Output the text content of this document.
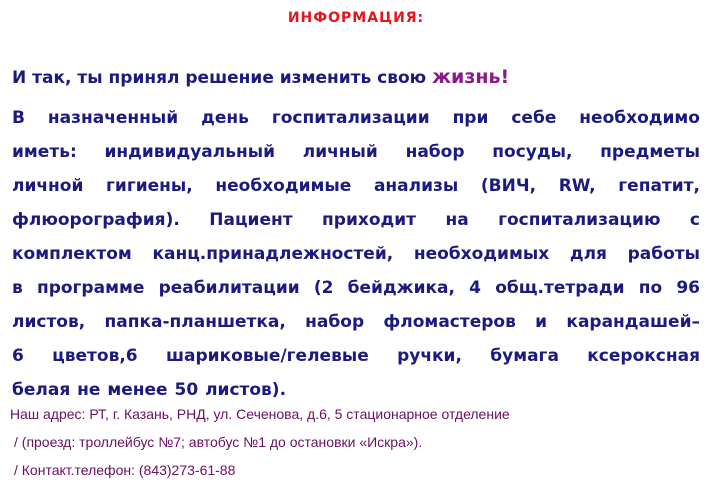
ИНФОРМАЦИЯ:
И так, ты принял решение изменить свою жизнь!
В назначенный день госпитализации при себе необходимо
иметь: индивидуальный личный набор посуды, предметы
личной гигиены, необходимые анализы (ВИЧ, RW, гепатит,
флюорография). Пациент приходит на госпитализацию с
комплектом канц.принадлежностей, необходимых для работы
в программе реабилитации (2 бейджика, 4 общ.тетради по 96
листов, папка-планшетка, набор фломастеров и карандашей–
6 цветов,6 шариковые/гелевые ручки, бумага ксероксная
белая не менее 50 листов).
Наш адрес: РТ, г. Казань, РНД, ул. Сеченова, д.6, 5 стационарное отделение
/ (проезд: троллейбус №7; автобус №1 до остановки «Искра»).
/ Контакт.телефон: (843)273-61-88
